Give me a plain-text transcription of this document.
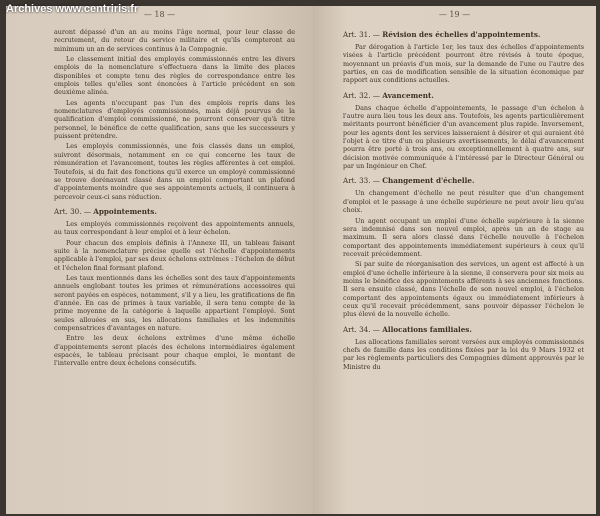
Archives www.centriris.fr — 18 —

auront dépassé d'un an au moins l'âge normal, pour leur classe de recrutement, du retour du service militaire et qu'ils compteront au minimum un an de services continus à la Compagnie.

Le classement initial des employés commissionnés entre les divers emplois de la nomenclature s'effectuera dans la limite des places disponibles et compte tenu des règles de correspondance entre les emplois telles qu'elles sont énoncées à l'article précédent en son deuxième alinéa.

Les agents n'occupant pas l'un des emplois repris dans les nomenclatures d'employés commissionnés, mais déjà pourvus de la qualification d'emploi commissionné, ne pourront conserver qu'à titre personnel, le bénéfice de cette qualification, sans que les successeurs y puissent prétendre.

Les employés commissionnés, une fois classés dans un emploi, suivront désormais, notamment en ce qui concerne les taux de rémunération et l'avancement, toutes les règles afférentes à cet emploi. Toutefois, si du fait des fonctions qu'il exerce un employé commissionné se trouve dorénavant classé dans un emploi comportant un plafond d'appointements moindre que ses appointements actuels, il continuera à percevoir ceux-ci sans réduction.

Art. 30. — Appointements.

Les employés commissionnés reçoivent des appointements annuels, au taux correspondant à leur emploi et à leur échelon.

Pour chacun des emplois définis à l'Annexe III, un tableau faisant suite à la nomenclature précise quelle est l'échelle d'appointements applicable à l'emploi, par ses deux échelons extrêmes : l'échelon de début et l'échelon final formant plafond.

Les taux mentionnés dans les échelles sont des taux d'appointements annuels englobant toutes les primes et rémunérations accessoires qui seront payées en espèces, notamment, s'il y a lieu, les gratifications de fin d'année. En cas de primes à taux variable, il sera tenu compte de la prime moyenne de la catégorie à laquelle appartient l'employé. Sont seules allouées en sus, les allocations familiales et les indemnités compensatrices d'avantages en nature.

Entre les deux échelons extrêmes d'une même échelle d'appointements seront placés des échelons intermédiaires également espacés, le tableau précisant pour chaque emploi, le montant de l'intervalle entre deux échelons consécutifs.

— 19 —
Art. 31. — Révision des échelles d'appointements.

Par dérogation à l'article 1er, les taux des échelles d'appointements visées à l'article précédent pourront être révisés à toute époque, moyennant un préavis d'un mois, sur la demande de l'une ou l'autre des parties, en cas de modification sensible de la situation économique par rapport aux conditions actuelles.

Art. 32. — Avancement.

Dans chaque échelle d'appointements, le passage d'un échelon à l'autre aura lieu tous les deux ans. Toutefois, les agents particulièrement méritants pourront bénéficier d'un avancement plus rapide. Inversement, pour les agents dont les services laisseraient à désirer et qui auraient été l'objet à ce titre d'un ou plusieurs avertissements, le délai d'avancement pourra être porté à trois ans, ou exceptionnellement à quatre ans, sur décision motivée communiquée à l'intéressé par le Directeur Général ou par un Ingénieur en Chef.

Art. 33. — Changement d'échelle.

Un changement d'échelle ne peut résulter que d'un changement d'emploi et le passage à une échelle supérieure ne peut avoir lieu qu'au choix.

Un agent occupant un emploi d'une échelle supérieure à la sienne sera indemnisé dans son nouvel emploi, après un an de stage au maximum. Il sera alors classé dans l'échelle nouvelle à l'échelon comportant des appointements immédiatement supérieurs à ceux qu'il recevait précédemment.

Si par suite de réorganisation des services, un agent est affecté à un emploi d'une échelle inférieure à la sienne, il conservera pour six mois au moins le bénéfice des appointements afférents à ses anciennes fonctions. Il sera ensuite classé, dans l'échelle de son nouvel emploi, à l'échelon comportant des appointements égaux ou immédiatement inférieurs à ceux qu'il recevait précédemment, sans pouvoir dépasser l'échelon le plus élevé de la nouvelle échelle.

Art. 34. — Allocations familiales.

Les allocations familiales seront versées aux employés commissionnés chefs de famille dans les conditions fixées par la loi du 9 Mars 1932 et par les règlements particuliers des Compagnies dûment approuvés par le Ministre du
